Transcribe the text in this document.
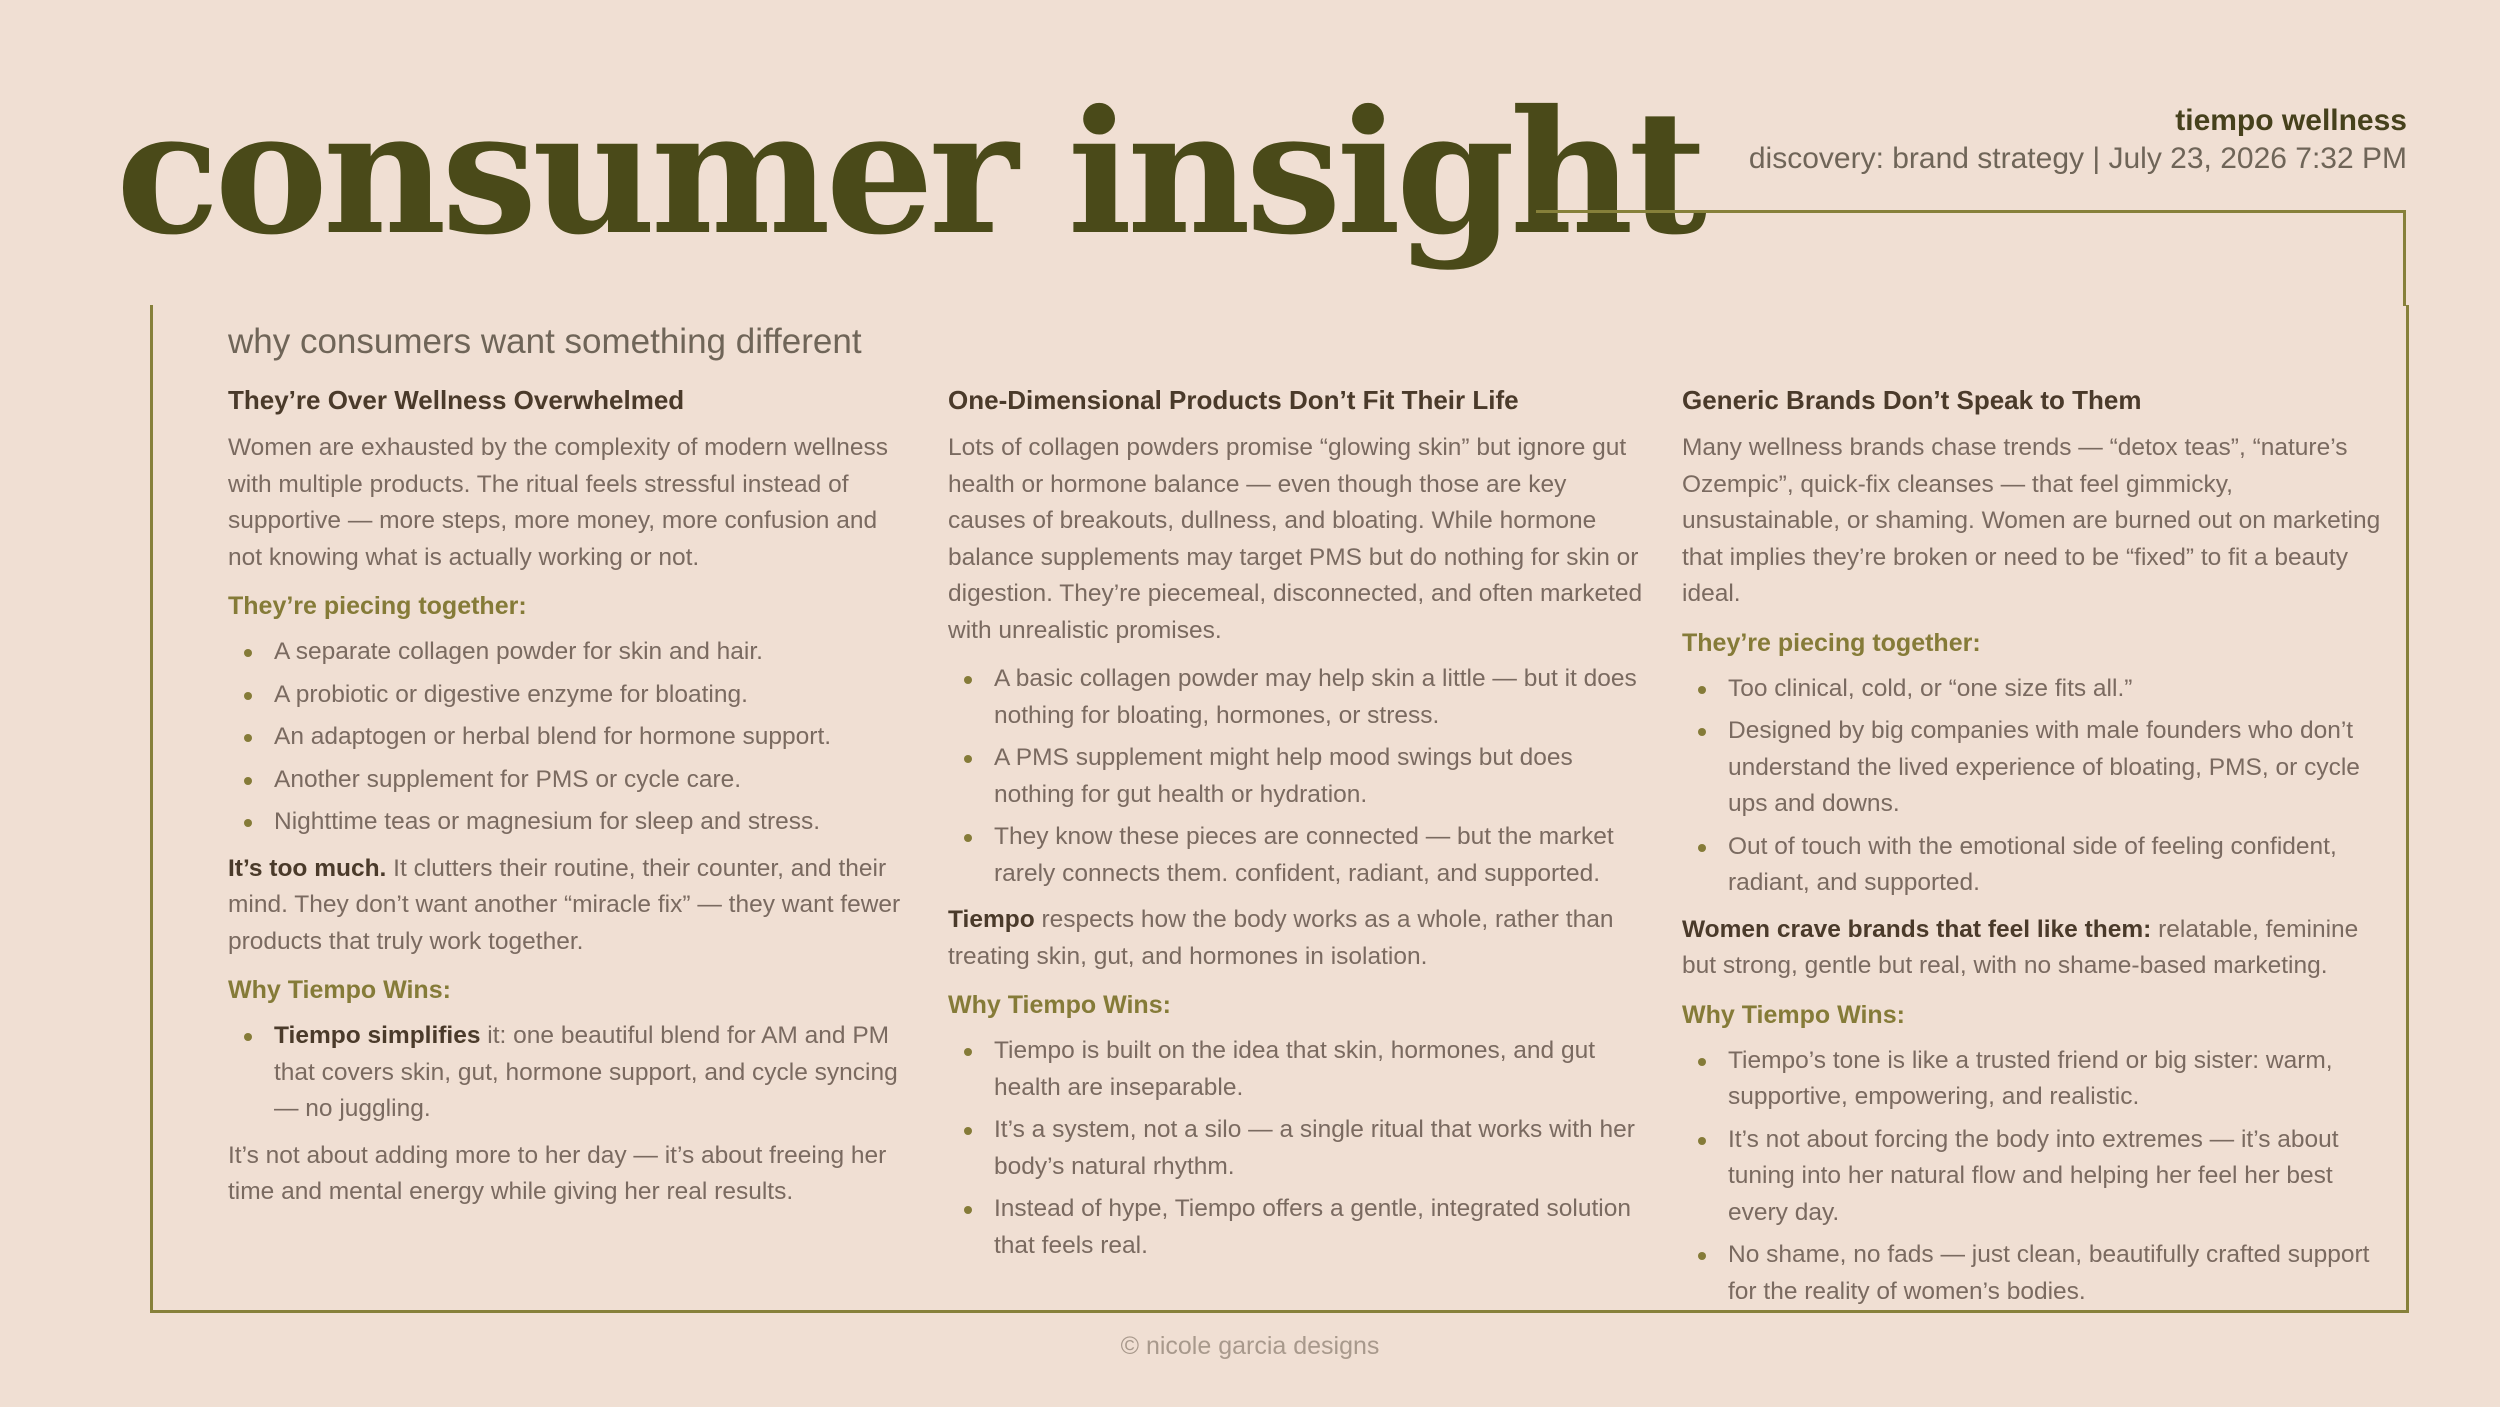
consumer insight	tiempo wellness
discovery: brand strategy | July 23, 2026 7:32 PM
why consumers want something different
They’re Over Wellness Overwhelmed

Women are exhausted by the complexity of modern wellness with multiple products. The ritual feels stressful instead of supportive — more steps, more money, more confusion and not knowing what is actually working or not.

They’re piecing together:
A separate collagen powder for skin and hair.
A probiotic or digestive enzyme for bloating.
An adaptogen or herbal blend for hormone support.
Another supplement for PMS or cycle care.
Nighttime teas or magnesium for sleep and stress.

It’s too much. It clutters their routine, their counter, and their mind. They don’t want another “miracle fix” — they want fewer products that truly work together.

Why Tiempo Wins:
Tiempo simplifies it: one beautiful blend for AM and PM that covers skin, gut, hormone support, and cycle syncing — no juggling.

It’s not about adding more to her day — it’s about freeing her time and mental energy while giving her real results.

One-Dimensional Products Don’t Fit Their Life

Lots of collagen powders promise “glowing skin” but ignore gut health or hormone balance — even though those are key causes of breakouts, dullness, and bloating. While hormone balance supplements may target PMS but do nothing for skin or digestion. They’re piecemeal, disconnected, and often marketed with unrealistic promises.

A basic collagen powder may help skin a little — but it does nothing for bloating, hormones, or stress.
A PMS supplement might help mood swings but does nothing for gut health or hydration.
They know these pieces are connected — but the market rarely connects them. confident, radiant, and supported.

Tiempo respects how the body works as a whole, rather than treating skin, gut, and hormones in isolation.

Why Tiempo Wins:
Tiempo is built on the idea that skin, hormones, and gut health are inseparable.
It’s a system, not a silo — a single ritual that works with her body’s natural rhythm.
Instead of hype, Tiempo offers a gentle, integrated solution that feels real.
Generic Brands Don’t Speak to Them

Many wellness brands chase trends — “detox teas”, “nature’s Ozempic”, quick-fix cleanses — that feel gimmicky, unsustainable, or shaming. Women are burned out on marketing that implies they’re broken or need to be “fixed” to fit a beauty ideal.

They’re piecing together:
Too clinical, cold, or “one size fits all.”
Designed by big companies with male founders who don’t understand the lived experience of bloating, PMS, or cycle ups and downs.
Out of touch with the emotional side of feeling confident, radiant, and supported.

Women crave brands that feel like them: relatable, feminine but strong, gentle but real, with no shame-based marketing.

Why Tiempo Wins:
Tiempo’s tone is like a trusted friend or big sister: warm, supportive, empowering, and realistic.
It’s not about forcing the body into extremes — it’s about tuning into her natural flow and helping her feel her best every day.
No shame, no fads — just clean, beautifully crafted support for the reality of women’s bodies.
© nicole garcia designs
